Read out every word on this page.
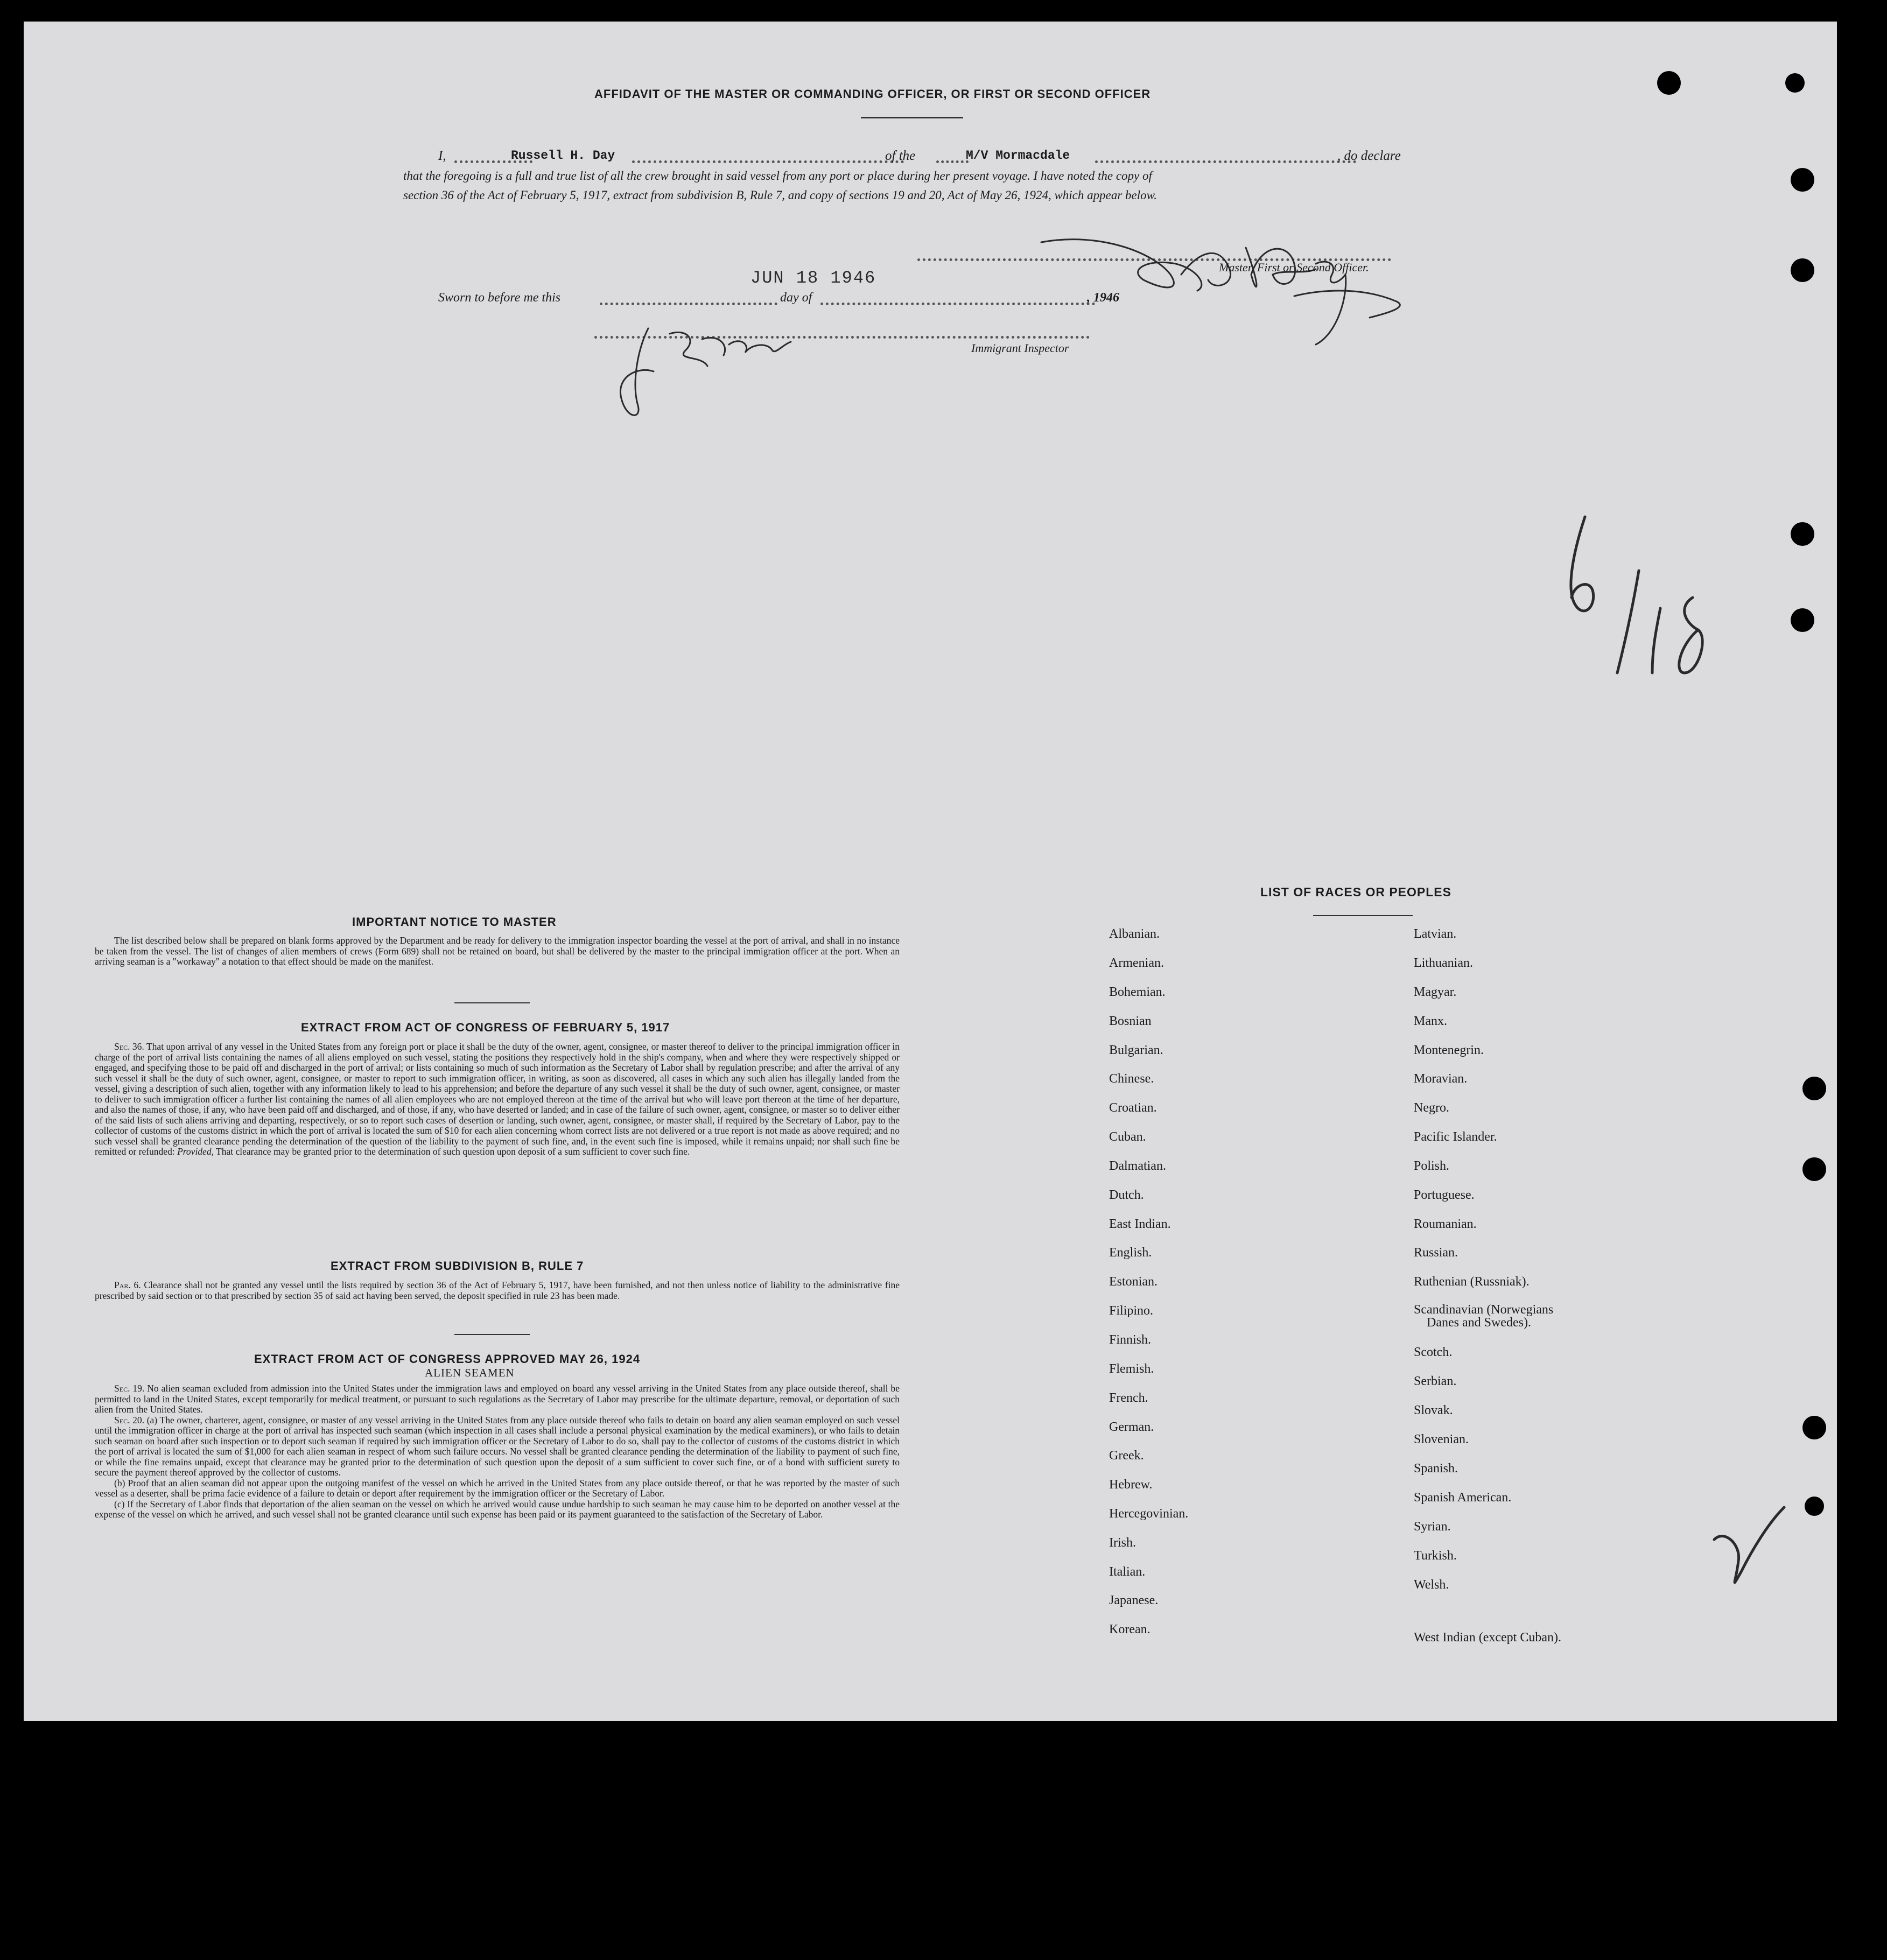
AFFIDAVIT OF THE MASTER OR COMMANDING OFFICER, OR FIRST OR SECOND OFFICER
I,	Russell H. Day	of the	M/V Mormacdale	, do declare
that the foregoing is a full and true list of all the crew brought in said vessel from any port or place during her present voyage. I have noted the copy of
section 36 of the Act of February 5, 1917, extract from subdivision B, Rule 7, and copy of sections 19 and 20, Act of May 26, 1924, which appear below.
Master, First or Second Officer.
JUN 18 1946
Sworn to before me this	day of	, 1946
Immigrant Inspector
IMPORTANT NOTICE TO MASTER

The list described below shall be prepared on blank forms approved by the Department and be ready for delivery to the immigration inspector boarding the vessel at the port of arrival, and shall in no instance be taken from the vessel. The list of changes of alien members of crews (Form 689) shall not be retained on board, but shall be delivered by the master to the principal immigration officer at the port. When an arriving seaman is a "workaway" a notation to that effect should be made on the manifest.

EXTRACT FROM ACT OF CONGRESS OF FEBRUARY 5, 1917

Sec. 36. That upon arrival of any vessel in the United States from any foreign port or place it shall be the duty of the owner, agent, consignee, or master thereof to deliver to the principal immigration officer in charge of the port of arrival lists containing the names of all aliens employed on such vessel, stating the positions they respectively hold in the ship's company, when and where they were respectively shipped or engaged, and specifying those to be paid off and discharged in the port of arrival; or lists containing so much of such information as the Secretary of Labor shall by regulation prescribe; and after the arrival of any such vessel it shall be the duty of such owner, agent, consignee, or master to report to such immigration officer, in writing, as soon as discovered, all cases in which any such alien has illegally landed from the vessel, giving a description of such alien, together with any information likely to lead to his apprehension; and before the departure of any such vessel it shall be the duty of such owner, agent, consignee, or master to deliver to such immigration officer a further list containing the names of all alien employees who are not employed thereon at the time of the arrival but who will leave port thereon at the time of her departure, and also the names of those, if any, who have been paid off and discharged, and of those, if any, who have deserted or landed; and in case of the failure of such owner, agent, consignee, or master so to deliver either of the said lists of such aliens arriving and departing, respectively, or so to report such cases of desertion or landing, such owner, agent, consignee, or master shall, if required by the Secretary of Labor, pay to the collector of customs of the customs district in which the port of arrival is located the sum of $10 for each alien concerning whom correct lists are not delivered or a true report is not made as above required; and no such vessel shall be granted clearance pending the determination of the question of the liability to the payment of such fine, and, in the event such fine is imposed, while it remains unpaid; nor shall such fine be remitted or refunded: Provided, That clearance may be granted prior to the determination of such question upon deposit of a sum sufficient to cover such fine.

EXTRACT FROM SUBDIVISION B, RULE 7

Par. 6. Clearance shall not be granted any vessel until the lists required by section 36 of the Act of February 5, 1917, have been furnished, and not then unless notice of liability to the administrative fine prescribed by said section or to that prescribed by section 35 of said act having been served, the deposit specified in rule 23 has been made.

EXTRACT FROM ACT OF CONGRESS APPROVED MAY 26, 1924
ALIEN SEAMEN

Sec. 19. No alien seaman excluded from admission into the United States under the immigration laws and employed on board any vessel arriving in the United States from any place outside thereof, shall be permitted to land in the United States, except temporarily for medical treatment, or pursuant to such regulations as the Secretary of Labor may prescribe for the ultimate departure, removal, or deportation of such alien from the United States.

Sec. 20. (a) The owner, charterer, agent, consignee, or master of any vessel arriving in the United States from any place outside thereof who fails to detain on board any alien seaman employed on such vessel until the immigration officer in charge at the port of arrival has inspected such seaman (which inspection in all cases shall include a personal physical examination by the medical examiners), or who fails to detain such seaman on board after such inspection or to deport such seaman if required by such immigration officer or the Secretary of Labor to do so, shall pay to the collector of customs of the customs district in which the port of arrival is located the sum of $1,000 for each alien seaman in respect of whom such failure occurs. No vessel shall be granted clearance pending the determination of the liability to payment of such fine, or while the fine remains unpaid, except that clearance may be granted prior to the determination of such question upon the deposit of a sum sufficient to cover such fine, or of a bond with sufficient surety to secure the payment thereof approved by the collector of customs.

(b) Proof that an alien seaman did not appear upon the outgoing manifest of the vessel on which he arrived in the United States from any place outside thereof, or that he was reported by the master of such vessel as a deserter, shall be prima facie evidence of a failure to detain or deport after requirement by the immigration officer or the Secretary of Labor.

(c) If the Secretary of Labor finds that deportation of the alien seaman on the vessel on which he arrived would cause undue hardship to such seaman he may cause him to be deported on another vessel at the expense of the vessel on which he arrived, and such vessel shall not be granted clearance until such expense has been paid or its payment guaranteed to the satisfaction of the Secretary of Labor.

LIST OF RACES OR PEOPLES
Albanian.
Armenian.
Bohemian.
Bosnian
Bulgarian.
Chinese.
Croatian.
Cuban.
Dalmatian.
Dutch.
East Indian.
English.
Estonian.
Filipino.
Finnish.
Flemish.
French.
German.
Greek.
Hebrew.
Hercegovinian.
Irish.
Italian.
Japanese.
Korean.
Latvian.
Lithuanian.
Magyar.
Manx.
Montenegrin.
Moravian.
Negro.
Pacific Islander.
Polish.
Portuguese.
Roumanian.
Russian.
Ruthenian (Russniak).
Scandinavian (Norwegians
Danes and Swedes).
Scotch.
Serbian.
Slovak.
Slovenian.
Spanish.
Spanish American.
Syrian.
Turkish.
Welsh.
West Indian (except Cuban).
